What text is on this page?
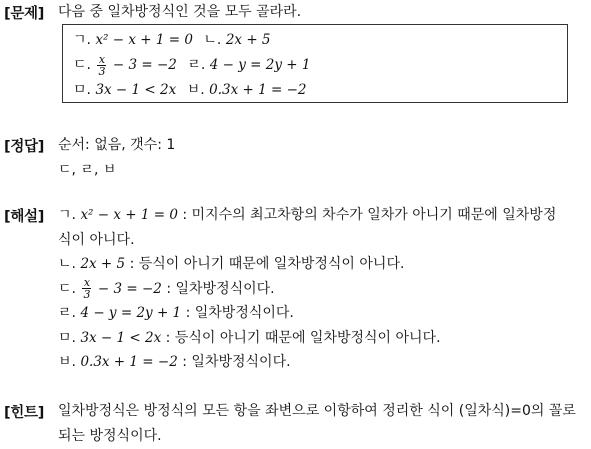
[문제] 다음 중 일차방정식인 것을 모두 골라라.
ㄱ. x² − x + 1 = 0 ㄴ. 2x + 5
ㄷ. $\frac{x}{3} - 3 = -2$ ㄹ. 4 − y = 2y + 1
ㅁ. 3x − 1 < 2x ㅂ. 0.3x + 1 = −2
[정답] 순서: 없음, 갯수: 1
ㄷ, ㄹ, ㅂ
[해설] ㄱ. x² − x + 1 = 0 : 미지수의 최고차항의 차수가 일차가 아니기 때문에 일차방정
식이 아니다.
ㄴ. 2x + 5 : 등식이 아니기 때문에 일차방정식이 아니다.
ㄷ. $\frac{x}{3} - 3 = -2$ : 일차방정식이다.
ㄹ. 4 − y = 2y + 1 : 일차방정식이다.
ㅁ. 3x − 1 < 2x : 등식이 아니기 때문에 일차방정식이 아니다.
ㅂ. 0.3x + 1 = −2 : 일차방정식이다.
[힌트] 일차방정식은 방정식의 모든 항을 좌변으로 이항하여 정리한 식이 (일차식)=0의 꼴로 되는 방정식이다.
